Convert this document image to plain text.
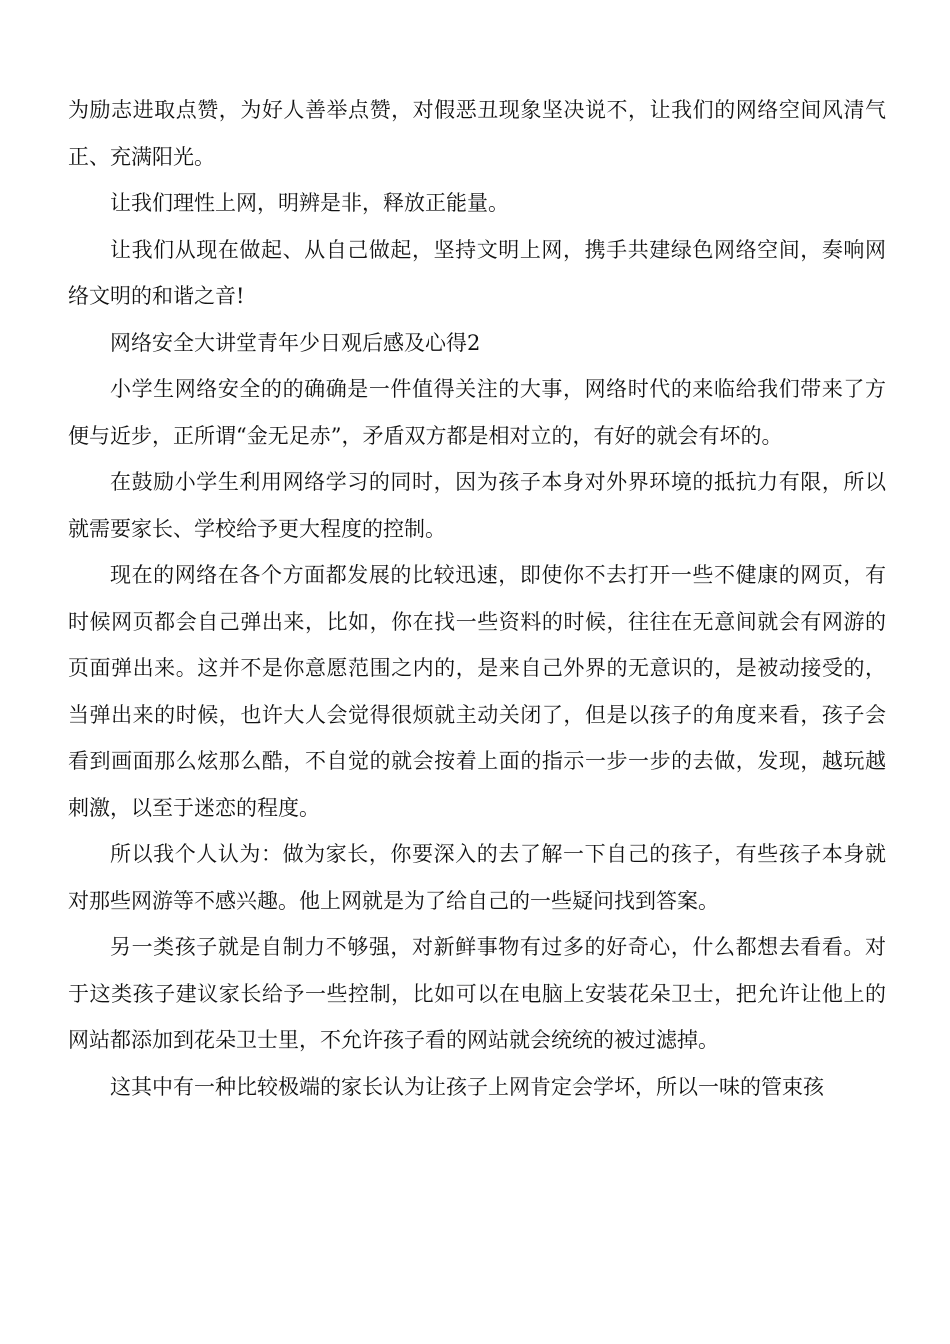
为励志进取点赞，为好人善举点赞，对假恶丑现象坚决说不，让我们的网络空间风清气正、充满阳光。

让我们理性上网，明辨是非，释放正能量。

让我们从现在做起、从自己做起，坚持文明上网，携手共建绿色网络空间，奏响网络文明的和谐之音!

网络安全大讲堂青年少日观后感及心得2

小学生网络安全的的确确是一件值得关注的大事，网络时代的来临给我们带来了方便与近步，正所谓“金无足赤”，矛盾双方都是相对立的，有好的就会有坏的。

在鼓励小学生利用网络学习的同时，因为孩子本身对外界环境的抵抗力有限，所以就需要家长、学校给予更大程度的控制。

现在的网络在各个方面都发展的比较迅速，即使你不去打开一些不健康的网页，有时候网页都会自己弹出来，比如，你在找一些资料的时候，往往在无意间就会有网游的页面弹出来。这并不是你意愿范围之内的，是来自己外界的无意识的，是被动接受的，当弹出来的时候，也许大人会觉得很烦就主动关闭了，但是以孩子的角度来看，孩子会看到画面那么炫那么酷，不自觉的就会按着上面的指示一步一步的去做，发现，越玩越刺激，以至于迷恋的程度。

所以我个人认为：做为家长，你要深入的去了解一下自己的孩子，有些孩子本身就对那些网游等不感兴趣。他上网就是为了给自己的一些疑问找到答案。

另一类孩子就是自制力不够强，对新鲜事物有过多的好奇心，什么都想去看看。对于这类孩子建议家长给予一些控制，比如可以在电脑上安装花朵卫士，把允许让他上的网站都添加到花朵卫士里，不允许孩子看的网站就会统统的被过滤掉。

这其中有一种比较极端的家长认为让孩子上网肯定会学坏，所以一味的管束孩
